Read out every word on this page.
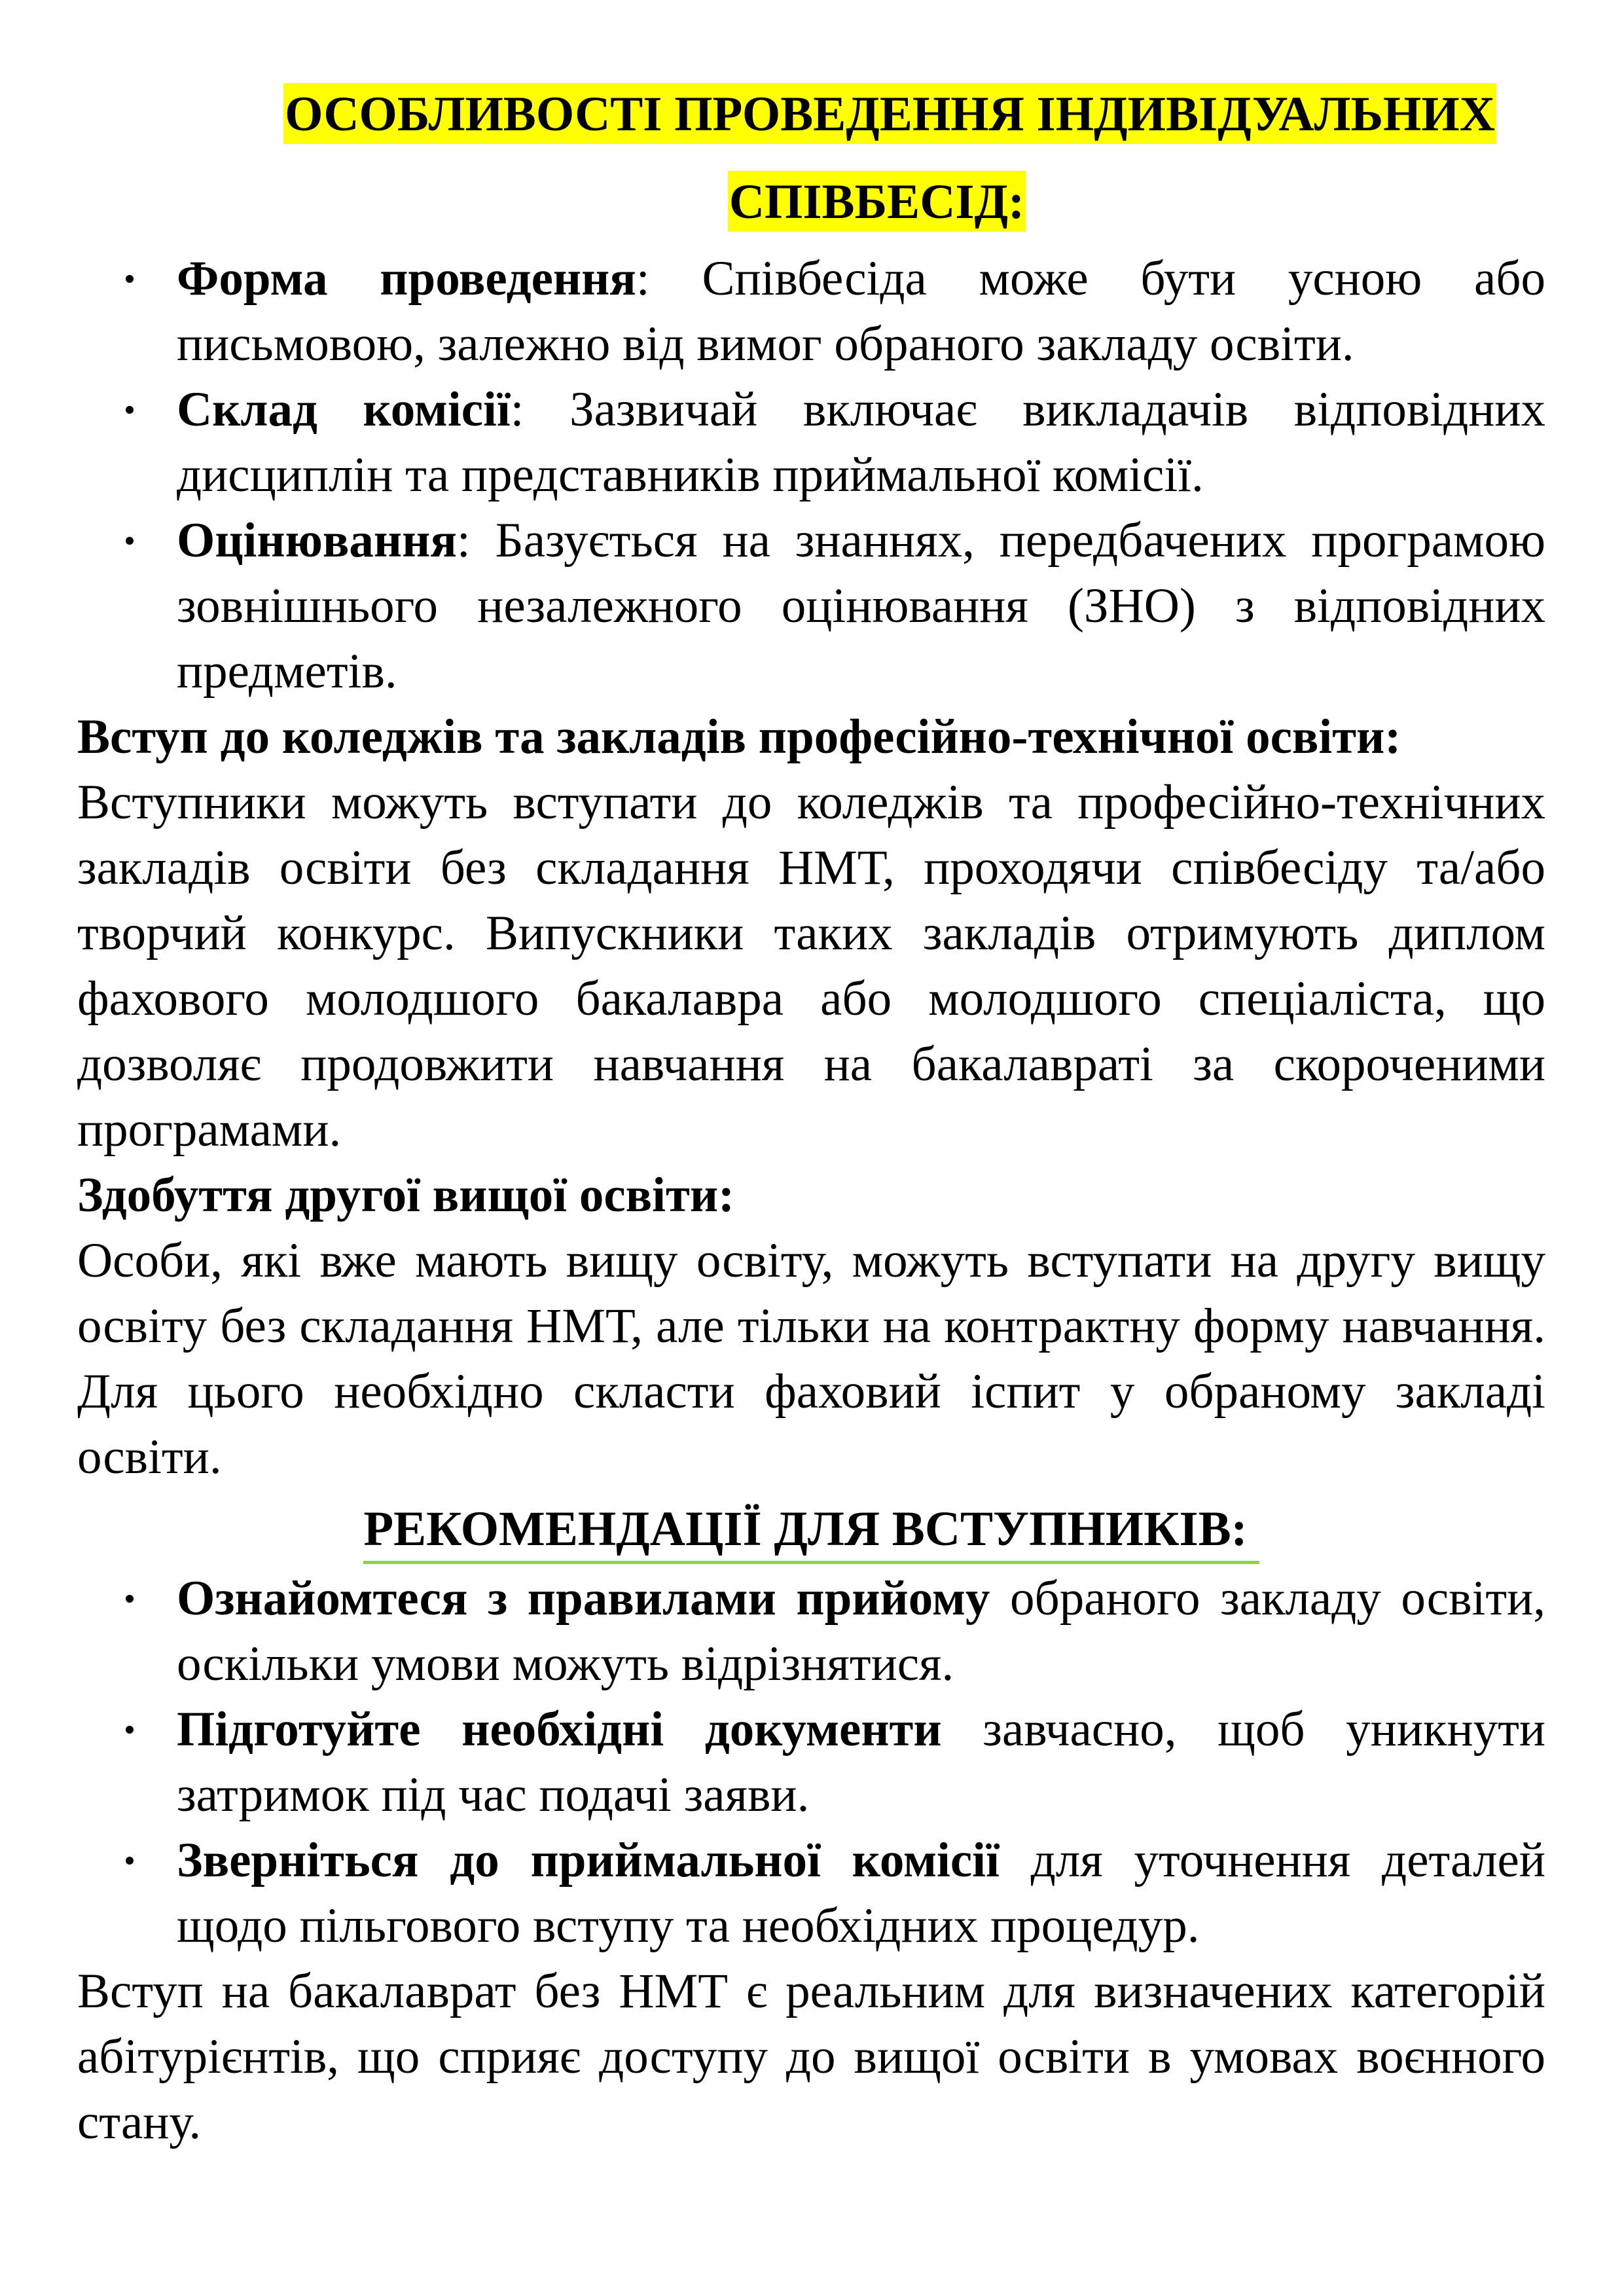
ОСОБЛИВОСТІ ПРОВЕДЕННЯ ІНДИВІДУАЛЬНИХ
СПІВБЕСІД:
Форма проведення: Співбесіда може бути усною або письмовою, залежно від вимог обраного закладу освіти.
Склад комісії: Зазвичай включає викладачів відповідних дисциплін та представників приймальної комісії.
Оцінювання: Базується на знаннях, передбачених програмою зовнішнього незалежного оцінювання (ЗНО) з відповідних предметів.

Вступ до коледжів та закладів професійно-технічної освіти:

Вступники можуть вступати до коледжів та професійно-технічних закладів освіти без складання НМТ, проходячи співбесіду та/або творчий конкурс. Випускники таких закладів отримують диплом фахового молодшого бакалавра або молодшого спеціаліста, що дозволяє продовжити навчання на бакалавраті за скороченими програмами.

Здобуття другої вищої освіти:

Особи, які вже мають вищу освіту, можуть вступати на другу вищу освіту без складання НМТ, але тільки на контрактну форму навчання. Для цього необхідно скласти фаховий іспит у обраному закладі освіти.

РЕКОМЕНДАЦІЇ ДЛЯ ВСТУПНИКІВ:
Ознайомтеся з правилами прийому обраного закладу освіти, оскільки умови можуть відрізнятися.
Підготуйте необхідні документи завчасно, щоб уникнути затримок під час подачі заяви.
Зверніться до приймальної комісії для уточнення деталей щодо пільгового вступу та необхідних процедур.

Вступ на бакалаврат без НМТ є реальним для визначених категорій абітурієнтів, що сприяє доступу до вищої освіти в умовах воєнного стану.
